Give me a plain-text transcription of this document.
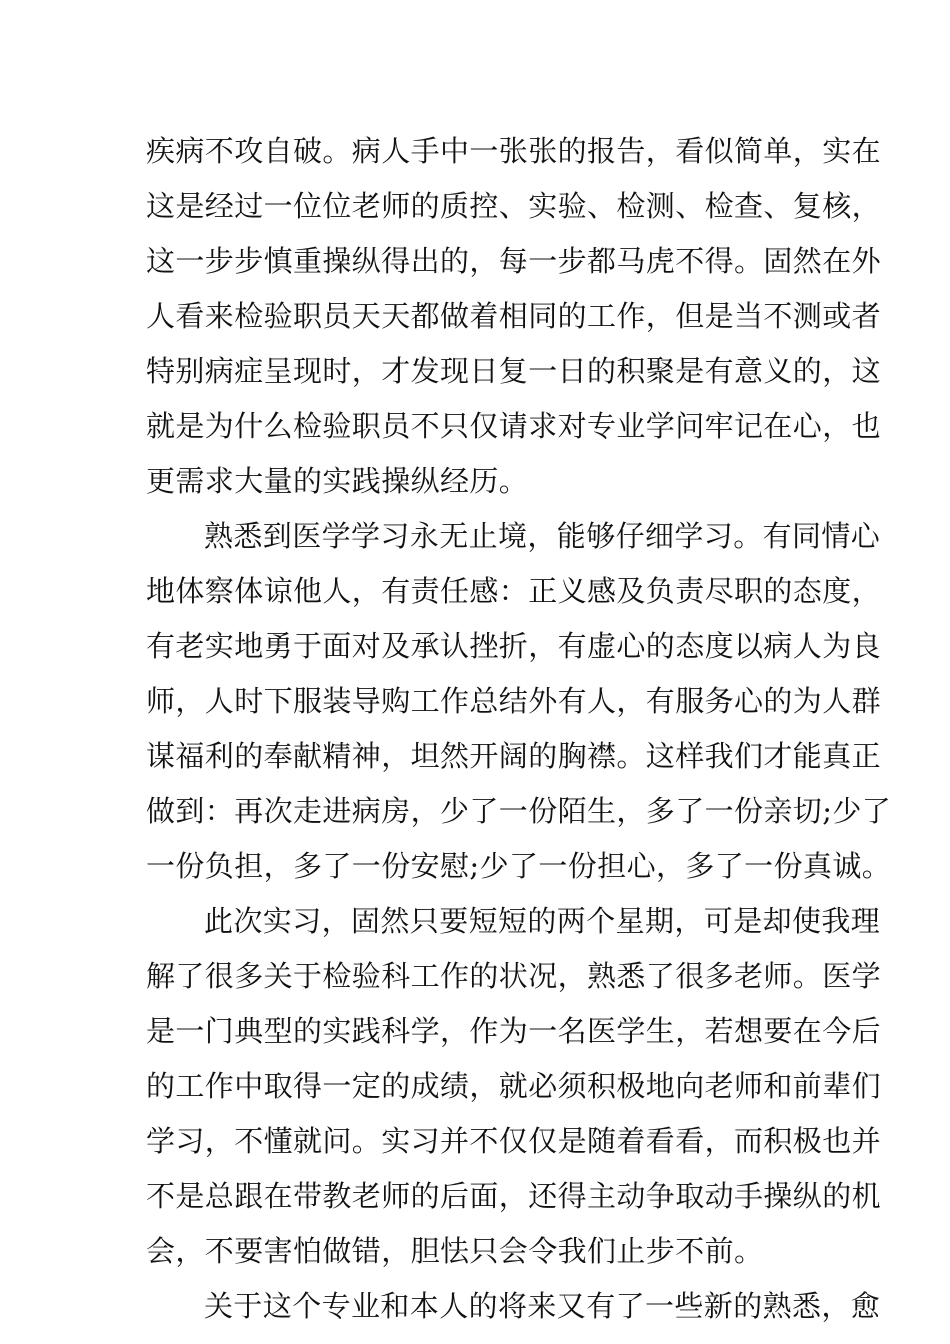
疾病不攻自破。病人手中一张张的报告，看似简单，实在
这是经过一位位老师的质控、实验、检测、检查、复核，
这一步步慎重操纵得出的，每一步都马虎不得。固然在外
人看来检验职员天天都做着相同的工作，但是当不测或者
特别病症呈现时，才发现日复一日的积聚是有意义的，这
就是为什么检验职员不只仅请求对专业学问牢记在心，也
更需求大量的实践操纵经历。
熟悉到医学学习永无止境，能够仔细学习。有同情心
地体察体谅他人，有责任感：正义感及负责尽职的态度，
有老实地勇于面对及承认挫折，有虚心的态度以病人为良
师，人时下服装导购工作总结外有人，有服务心的为人群
谋福利的奉献精神，坦然开阔的胸襟。这样我们才能真正
做到：再次走进病房，少了一份陌生，多了一份亲切;少了
一份负担，多了一份安慰;少了一份担心，多了一份真诚。
此次实习，固然只要短短的两个星期，可是却使我理
解了很多关于检验科工作的状况，熟悉了很多老师。医学
是一门典型的实践科学，作为一名医学生，若想要在今后
的工作中取得一定的成绩，就必须积极地向老师和前辈们
学习，不懂就问。实习并不仅仅是随着看看，而积极也并
不是总跟在带教老师的后面，还得主动争取动手操纵的机
会，不要害怕做错，胆怯只会令我们止步不前。
关于这个专业和本人的将来又有了一些新的熟悉，愈
